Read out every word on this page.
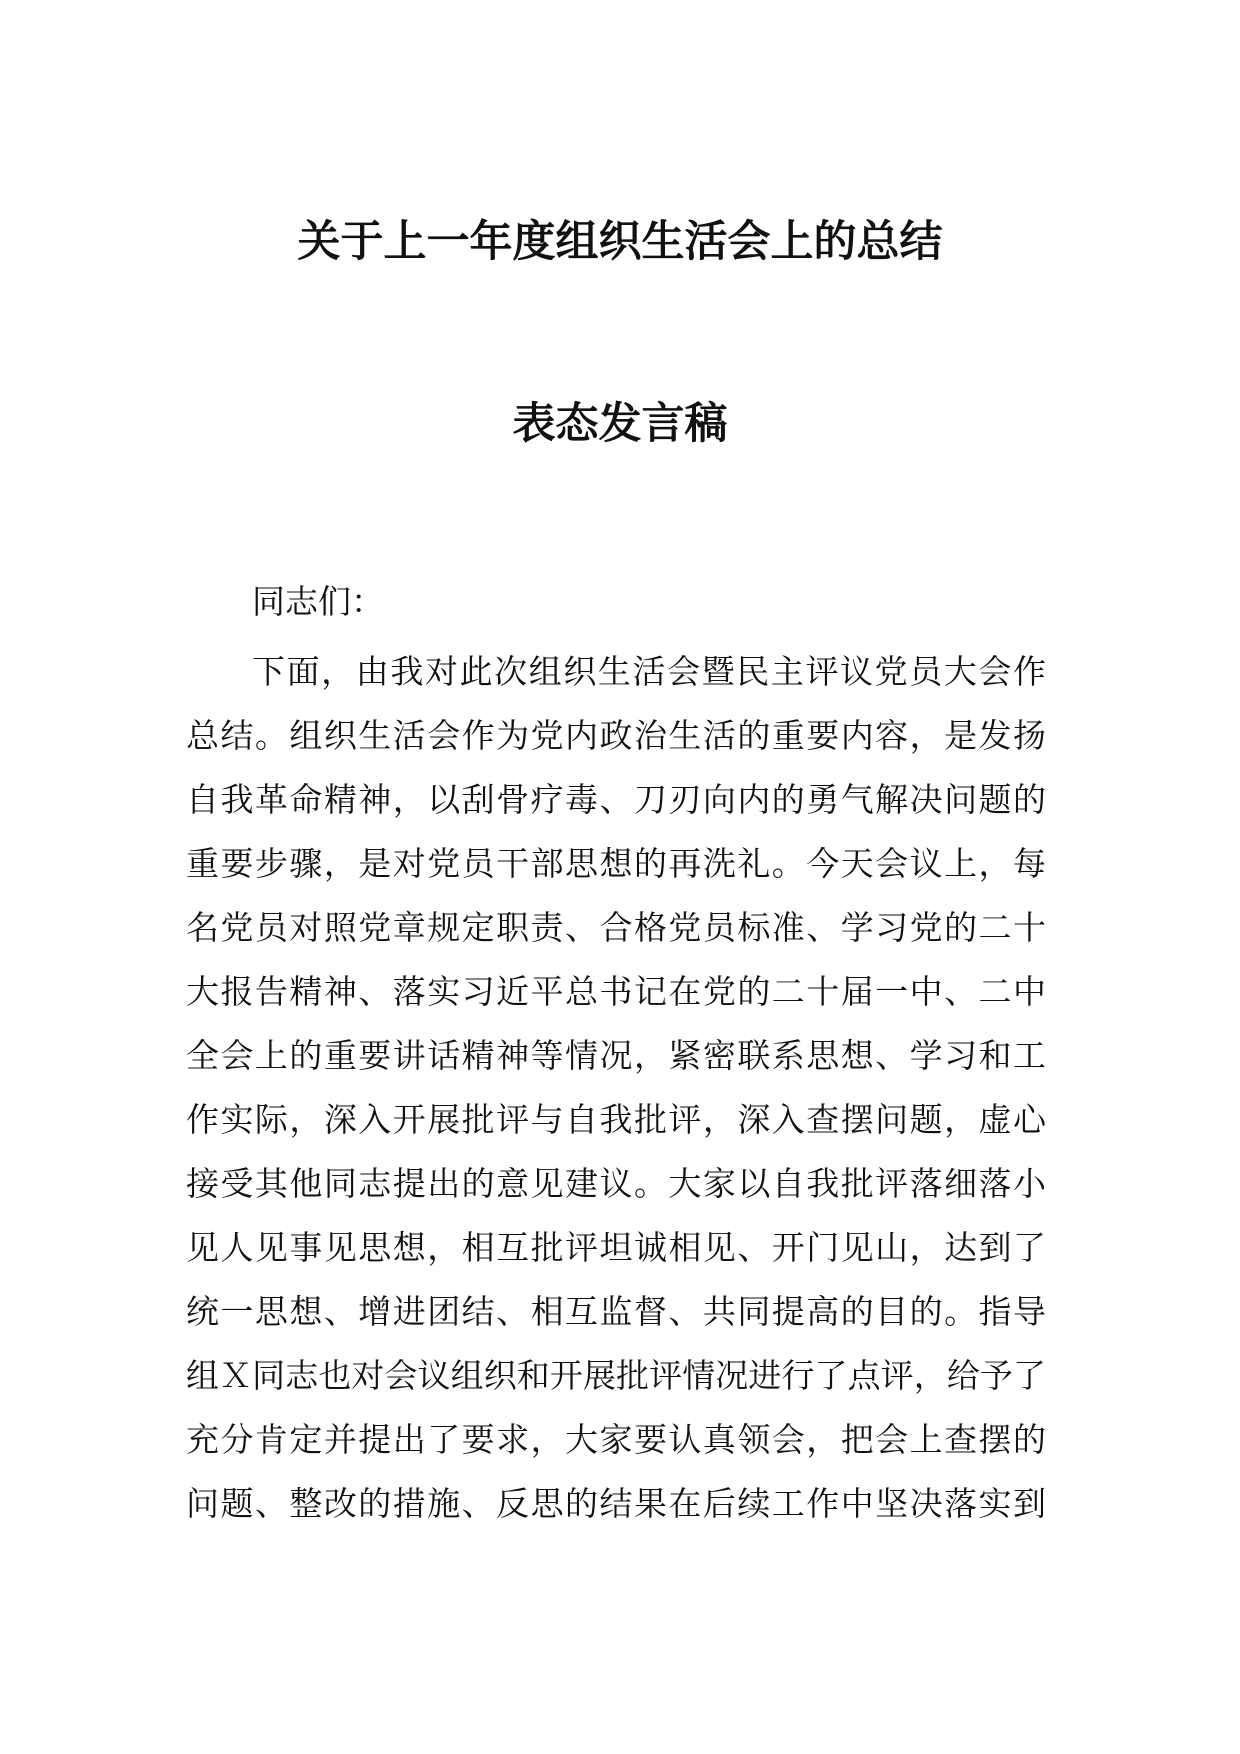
关于上一年度组织生活会上的总结
表态发言稿
同志们：
下面，由我对此次组织生活会暨民主评议党员大会作
总结。组织生活会作为党内政治生活的重要内容，是发扬
自我革命精神，以刮骨疗毒、刀刃向内的勇气解决问题的
重要步骤，是对党员干部思想的再洗礼。今天会议上，每
名党员对照党章规定职责、合格党员标准、学习党的二十
大报告精神、落实习近平总书记在党的二十届一中、二中
全会上的重要讲话精神等情况，紧密联系思想、学习和工
作实际，深入开展批评与自我批评，深入查摆问题，虚心
接受其他同志提出的意见建议。大家以自我批评落细落小
见人见事见思想，相互批评坦诚相见、开门见山，达到了
统一思想、增进团结、相互监督、共同提高的目的。指导
组Ｘ同志也对会议组织和开展批评情况进行了点评，给予了
充分肯定并提出了要求，大家要认真领会，把会上查摆的
问题、整改的措施、反思的结果在后续工作中坚决落实到
